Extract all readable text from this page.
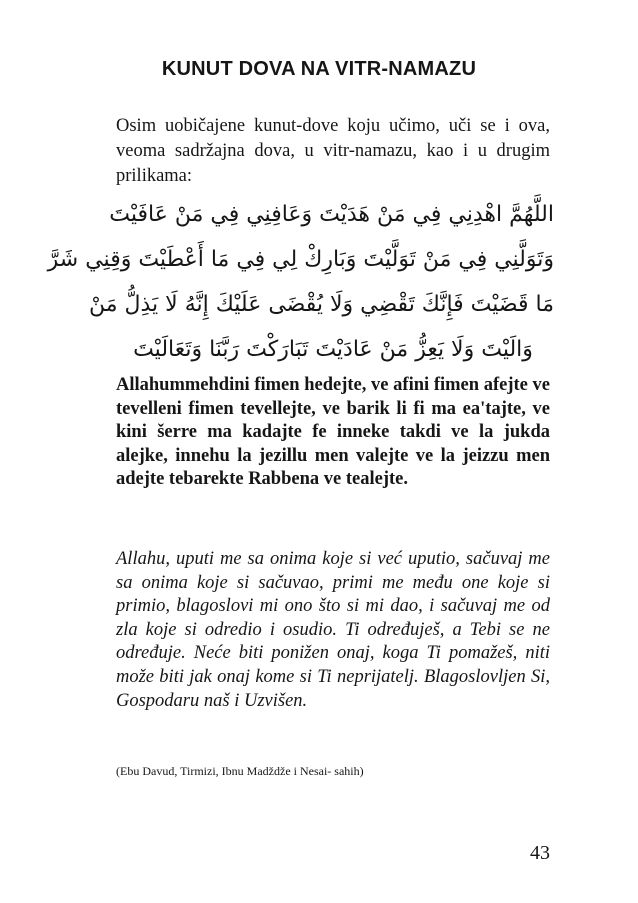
KUNUT DOVA NA VITR-NAMAZU

Osim uobičajene kunut-dove koju učimo, uči se i ova, veoma sadržajna dova, u vitr-namazu, kao i u drugim prilikama:

اللَّهُمَّ اهْدِنِي فِي مَنْ هَدَيْتَ وَعَافِنِي فِي مَنْ عَافَيْتَ
وَتَوَلَّنِي فِي مَنْ تَوَلَّيْتَ وَبَارِكْ لِي فِي مَا أَعْطَيْتَ وَقِنِي شَرَّ
مَا قَضَيْتَ فَإِنَّكَ تَقْضِي وَلَا يُقْضَى عَلَيْكَ إِنَّهُ لَا يَذِلُّ مَنْ
وَالَيْتَ وَلَا يَعِزُّ مَنْ عَادَيْتَ تَبَارَكْتَ رَبَّنَا وَتَعَالَيْتَ

Allahummehdini fimen hedejte, ve afini fimen afejte ve tevelleni fimen tevellejte, ve barik li fi ma ea'tajte, ve kini šerre ma kadajte fe inneke takdi ve la jukda alejke, innehu la jezillu men valejte ve la jeizzu men adejte tebarekte Rabbena ve tealejte.

Allahu, uputi me sa onima koje si već uputio, sačuvaj me sa onima koje si sačuvao, primi me među one koje si primio, blagoslovi mi ono što si mi dao, i sačuvaj me od zla koje si odredio i osudio. Ti određuješ, a Tebi se ne određuje. Neće biti ponižen onaj, koga Ti pomažeš, niti može biti jak onaj kome si Ti neprijatelj. Blagoslovljen Si, Gospodaru naš i Uzvišen.

(Ebu Davud, Tirmizi, Ibnu Madždže i Nesai- sahih)

43
